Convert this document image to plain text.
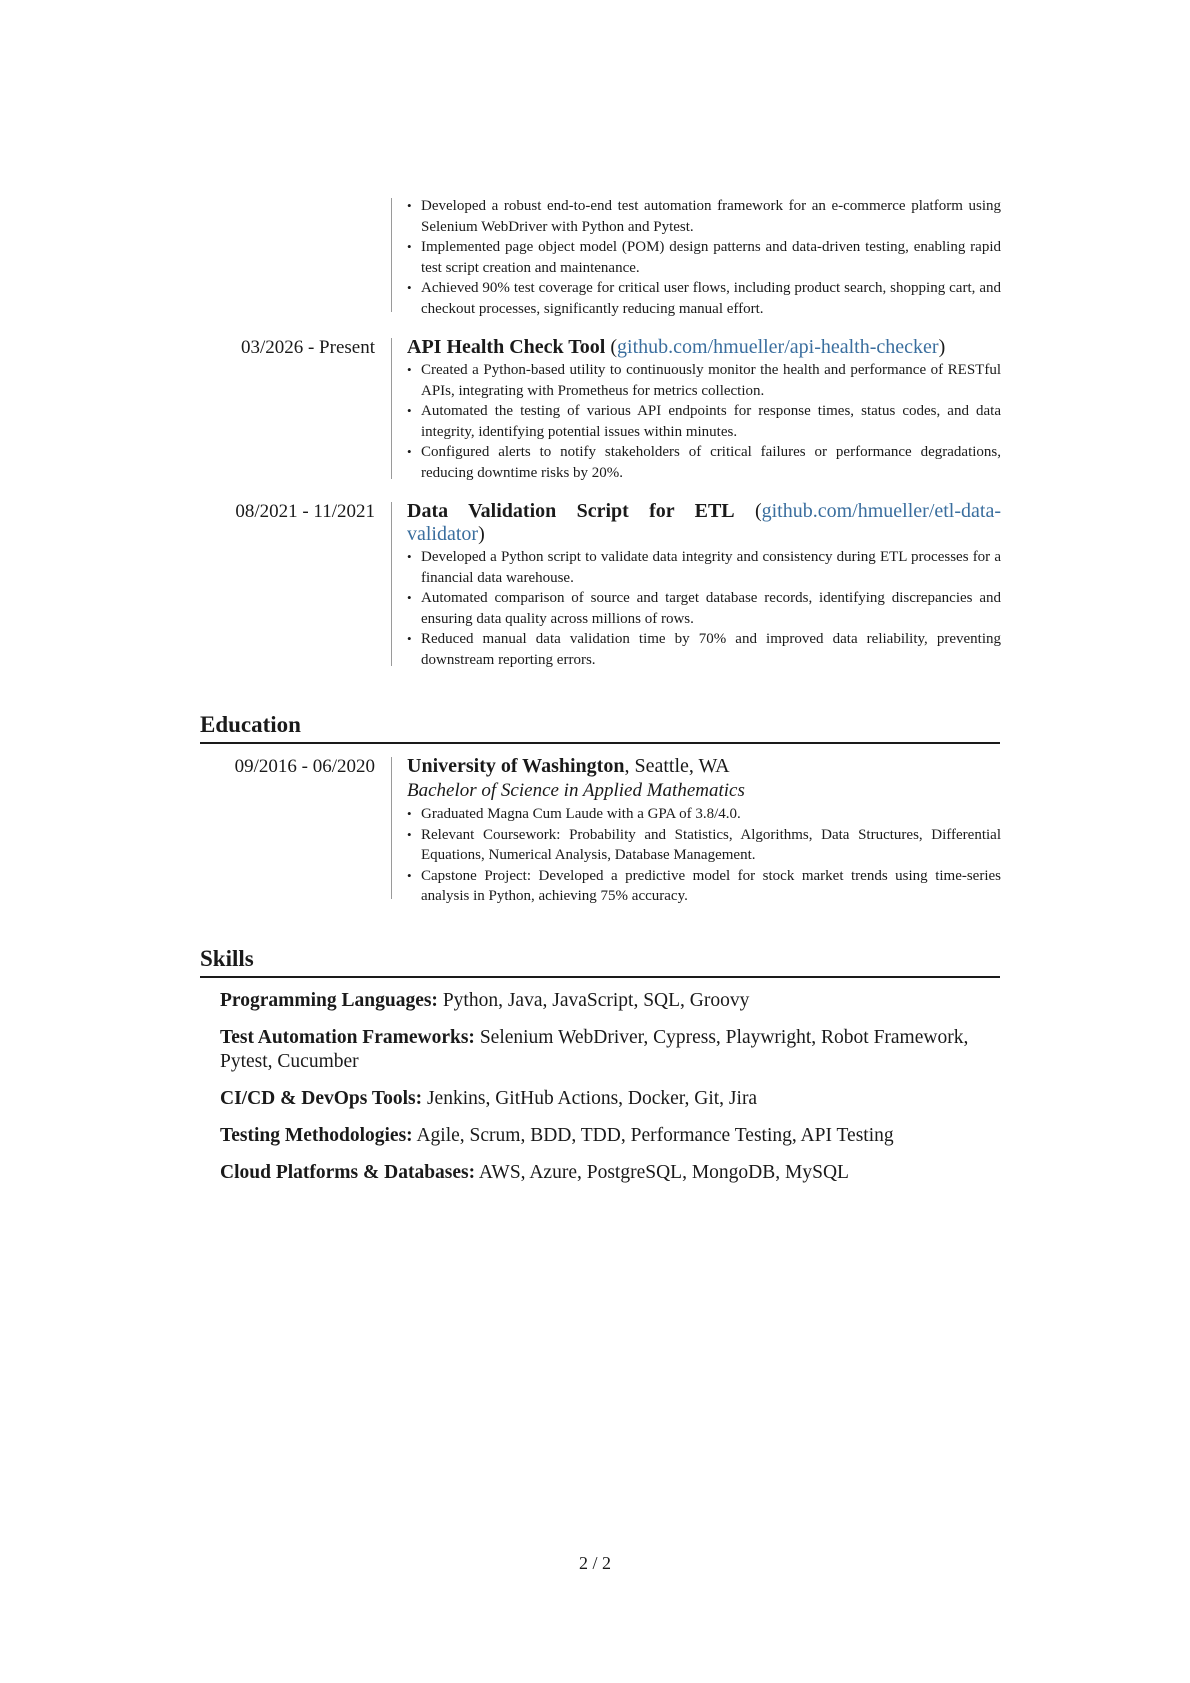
• Developed a robust end-to-end test automation framework for an e-commerce platform using Selenium WebDriver with Python and Pytest.
• Implemented page object model (POM) design patterns and data-driven testing, enabling rapid test script creation and maintenance.
• Achieved 90% test coverage for critical user flows, including product search, shopping cart, and checkout processes, significantly reducing manual effort.
03/2026 - Present API Health Check Tool (github.com/hmueller/api-health-checker)
• Created a Python-based utility to continuously monitor the health and performance of RESTful APIs, integrating with Prometheus for metrics collection.
• Automated the testing of various API endpoints for response times, status codes, and data integrity, identifying potential issues within minutes.
• Configured alerts to notify stakeholders of critical failures or performance degradations, reducing downtime risks by 20%.
08/2021 - 11/2021 Data Validation Script for ETL (github.com/hmueller/etl-data-validator)
• Developed a Python script to validate data integrity and consistency during ETL processes for a financial data warehouse.
• Automated comparison of source and target database records, identifying discrepancies and ensuring data quality across millions of rows.
• Reduced manual data validation time by 70% and improved data reliability, preventing downstream reporting errors.
Education
09/2016 - 06/2020 University of Washington, Seattle, WA
Bachelor of Science in Applied Mathematics
• Graduated Magna Cum Laude with a GPA of 3.8/4.0.
• Relevant Coursework: Probability and Statistics, Algorithms, Data Structures, Differential Equations, Numerical Analysis, Database Management.
• Capstone Project: Developed a predictive model for stock market trends using time-series analysis in Python, achieving 75% accuracy.
Skills
Programming Languages: Python, Java, JavaScript, SQL, Groovy
Test Automation Frameworks: Selenium WebDriver, Cypress, Playwright, Robot Framework, Pytest, Cucumber
CI/CD & DevOps Tools: Jenkins, GitHub Actions, Docker, Git, Jira
Testing Methodologies: Agile, Scrum, BDD, TDD, Performance Testing, API Testing
Cloud Platforms & Databases: AWS, Azure, PostgreSQL, MongoDB, MySQL
2 / 2
